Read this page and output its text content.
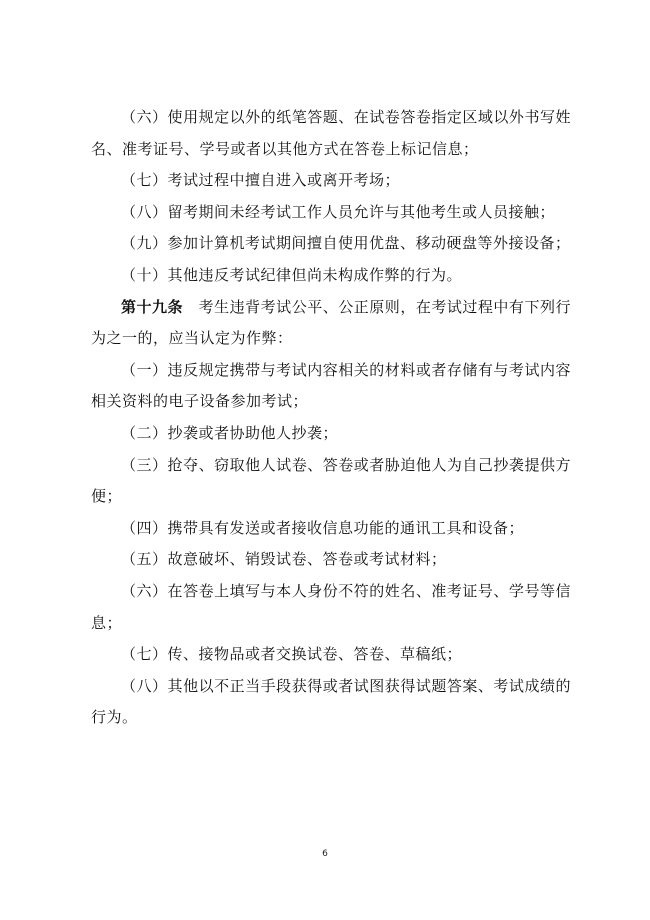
（六）使用规定以外的纸笔答题、在试卷答卷指定区域以外书写姓名、准考证号、学号或者以其他方式在答卷上标记信息；

（七）考试过程中擅自进入或离开考场；

（八）留考期间未经考试工作人员允许与其他考生或人员接触；

（九）参加计算机考试期间擅自使用优盘、移动硬盘等外接设备；

（十）其他违反考试纪律但尚未构成作弊的行为。

第十九条　考生违背考试公平、公正原则，在考试过程中有下列行为之一的，应当认定为作弊：

（一）违反规定携带与考试内容相关的材料或者存储有与考试内容相关资料的电子设备参加考试；

（二）抄袭或者协助他人抄袭；

（三）抢夺、窃取他人试卷、答卷或者胁迫他人为自己抄袭提供方便；

（四）携带具有发送或者接收信息功能的通讯工具和设备；

（五）故意破坏、销毁试卷、答卷或考试材料；

（六）在答卷上填写与本人身份不符的姓名、准考证号、学号等信息；

（七）传、接物品或者交换试卷、答卷、草稿纸；

（八）其他以不正当手段获得或者试图获得试题答案、考试成绩的行为。

6
